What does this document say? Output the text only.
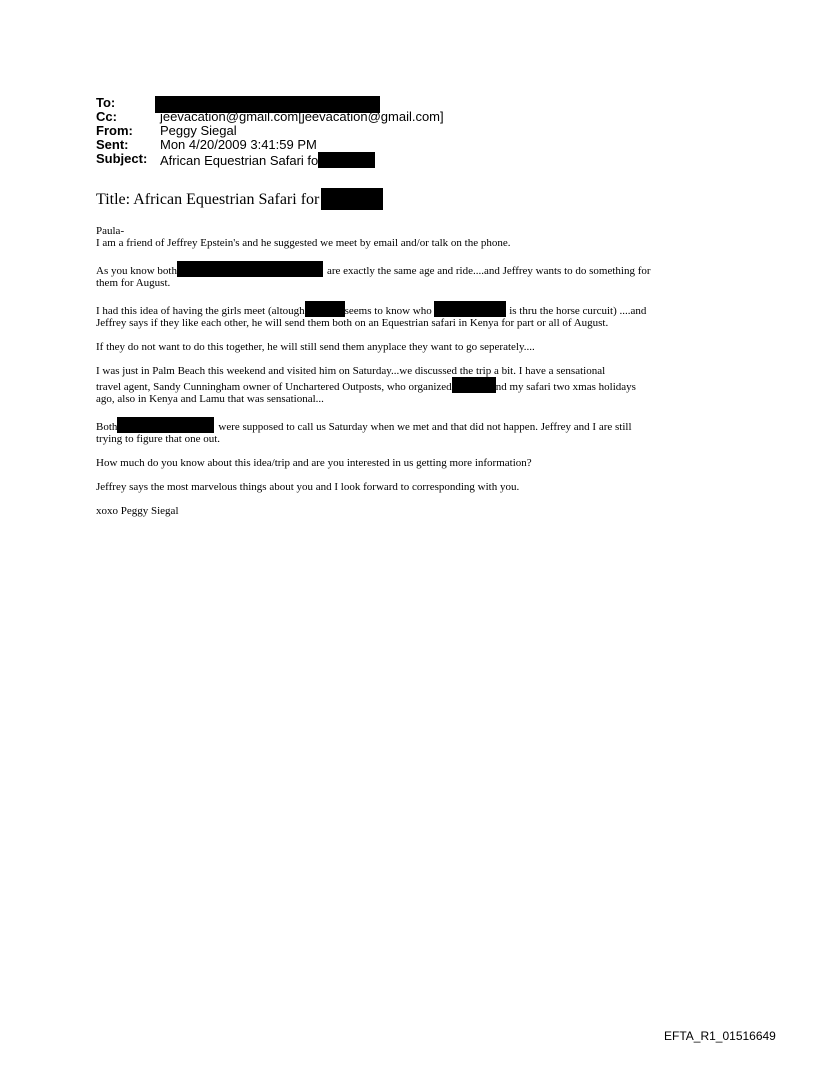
To:
Cc:	jeevacation@gmail.com[jeevacation@gmail.com]
From: Peggy Siegal
Sent: Mon 4/20/2009 3:41:59 PM
Subject: African Equestrian Safari fo
Title: African Equestrian Safari for

Paula-
I am a friend of Jeffrey Epstein's and he suggested we meet by email and/or talk on the phone.

As you know both	are exactly the same age and ride....and Jeffrey wants to do something for
them for August.

I had this idea of having the girls meet (altough	seems to know who	is thru the horse curcuit) ....and
Jeffrey says if they like each other, he will send them both on an Equestrian safari in Kenya for part or all of August.

If they do not want to do this together, he will still send them anyplace they want to go seperately....

I was just in Palm Beach this weekend and visited him on Saturday...we discussed the trip a bit. I have a sensational
travel agent, Sandy Cunningham owner of Unchartered Outposts, who organized	nd my safari two xmas holidays
ago, also in Kenya and Lamu that was sensational...

Both	were supposed to call us Saturday when we met and that did not happen. Jeffrey and I are still
trying to figure that one out.

How much do you know about this idea/trip and are you interested in us getting more information?

Jeffrey says the most marvelous things about you and I look forward to corresponding with you.

xoxo Peggy Siegal

EFTA_R1_01516649
